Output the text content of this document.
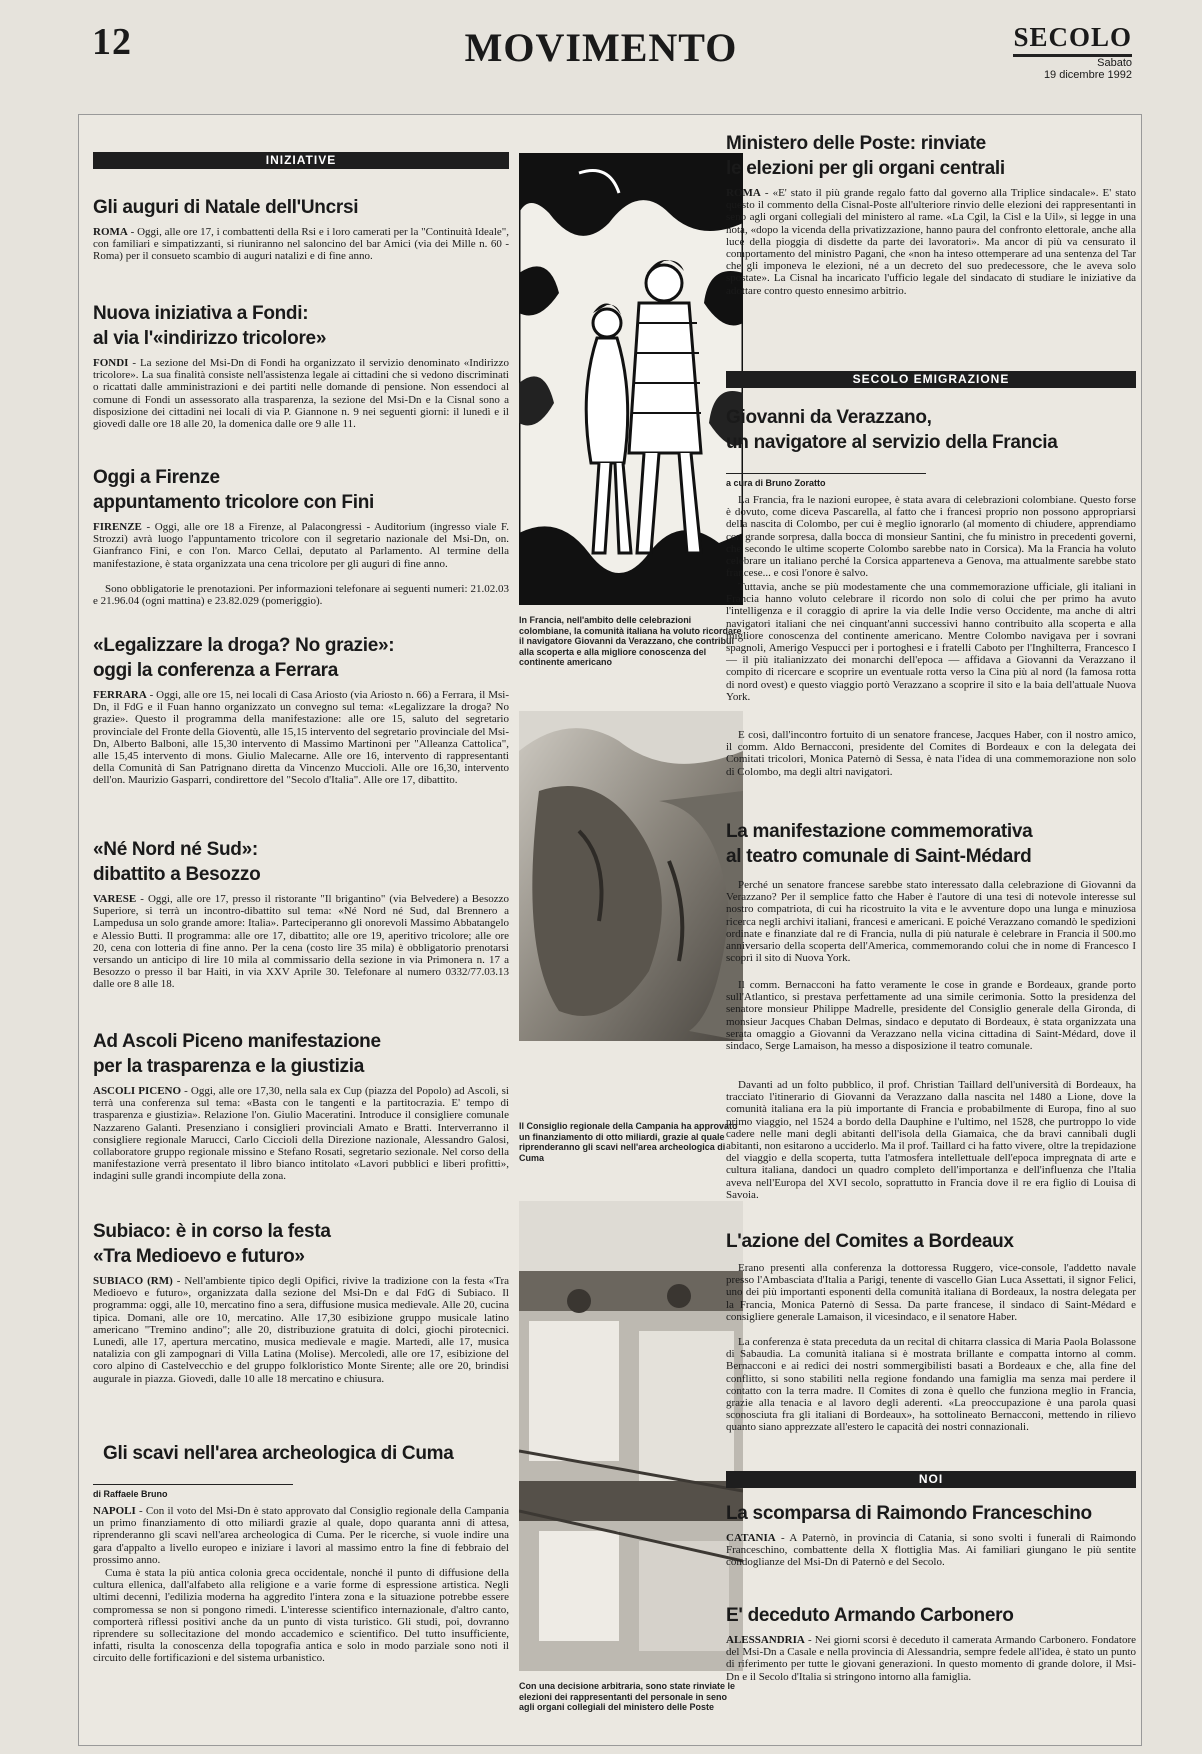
12	MOVIMENTO	SECOLO
Sabato
19 dicembre 1992
INIZIATIVE
Gli auguri di Natale dell'Uncrsi

ROMA - Oggi, alle ore 17, i combattenti della Rsi e i loro camerati per la "Continuità Ideale", con familiari e simpatizzanti, si riuniranno nel saloncino del bar Amici (via dei Mille n. 60 - Roma) per il consueto scambio di auguri natalizi e di fine anno.

Nuova iniziativa a Fondi:
al via l'«indirizzo tricolore»

FONDI - La sezione del Msi-Dn di Fondi ha organizzato il servizio denominato «Indirizzo tricolore». La sua finalità consiste nell'assistenza legale ai cittadini che si vedono discriminati o ricattati dalle amministrazioni e dei partiti nelle domande di pensione. Non essendoci al comune di Fondi un assessorato alla trasparenza, la sezione del Msi-Dn e la Cisnal sono a disposizione dei cittadini nei locali di via P. Giannone n. 9 nei seguenti giorni: il lunedì e il giovedì dalle ore 18 alle 20, la domenica dalle ore 9 alle 11.

Oggi a Firenze
appuntamento tricolore con Fini

FIRENZE - Oggi, alle ore 18 a Firenze, al Palacongressi - Auditorium (ingresso viale F. Strozzi) avrà luogo l'appuntamento tricolore con il segretario nazionale del Msi-Dn, on. Gianfranco Fini, e con l'on. Marco Cellai, deputato al Parlamento. Al termine della manifestazione, è stata organizzata una cena tricolore per gli auguri di fine anno.

Sono obbligatorie le prenotazioni. Per informazioni telefonare ai seguenti numeri: 21.02.03 e 21.96.04 (ogni mattina) e 23.82.029 (pomeriggio).

«Legalizzare la droga? No grazie»:
oggi la conferenza a Ferrara

FERRARA - Oggi, alle ore 15, nei locali di Casa Ariosto (via Ariosto n. 66) a Ferrara, il Msi-Dn, il FdG e il Fuan hanno organizzato un convegno sul tema: «Legalizzare la droga? No grazie». Questo il programma della manifestazione: alle ore 15, saluto del segretario provinciale del Fronte della Gioventù, alle 15,15 intervento del segretario provinciale del Msi-Dn, Alberto Balboni, alle 15,30 intervento di Massimo Martinoni per "Alleanza Cattolica", alle 15,45 intervento di mons. Giulio Malecarne. Alle ore 16, intervento di rappresentanti della Comunità di San Patrignano diretta da Vincenzo Muccioli. Alle ore 16,30, intervento dell'on. Maurizio Gasparri, condirettore del "Secolo d'Italia". Alle ore 17, dibattito.

«Né Nord né Sud»:
dibattito a Besozzo

VARESE - Oggi, alle ore 17, presso il ristorante "Il brigantino" (via Belvedere) a Besozzo Superiore, si terrà un incontro-dibattito sul tema: «Né Nord né Sud, dal Brennero a Lampedusa un solo grande amore: Italia». Parteciperanno gli onorevoli Massimo Abbatangelo e Alessio Butti. Il programma: alle ore 17, dibattito; alle ore 19, aperitivo tricolore; alle ore 20, cena con lotteria di fine anno. Per la cena (costo lire 35 mila) è obbligatorio prenotarsi versando un anticipo di lire 10 mila al commissario della sezione in via Primonera n. 17 a Besozzo o presso il bar Haiti, in via XXV Aprile 30. Telefonare al numero 0332/77.03.13 dalle ore 8 alle 18.

Ad Ascoli Piceno manifestazione
per la trasparenza e la giustizia

ASCOLI PICENO - Oggi, alle ore 17,30, nella sala ex Cup (piazza del Popolo) ad Ascoli, si terrà una conferenza sul tema: «Basta con le tangenti e la partitocrazia. E' tempo di trasparenza e giustizia». Relazione l'on. Giulio Maceratini. Introduce il consigliere comunale Nazzareno Galanti. Presenziano i consiglieri provinciali Amato e Bratti. Interverranno il consigliere regionale Marucci, Carlo Ciccioli della Direzione nazionale, Alessandro Galosi, collaboratore gruppo regionale missino e Stefano Rosati, segretario sezionale. Nel corso della manifestazione verrà presentato il libro bianco intitolato «Lavori pubblici e liberi profitti», indagini sulle grandi incompiute della zona.

Subiaco: è in corso la festa
«Tra Medioevo e futuro»

SUBIACO (RM) - Nell'ambiente tipico degli Opifici, rivive la tradizione con la festa «Tra Medioevo e futuro», organizzata dalla sezione del Msi-Dn e dal FdG di Subiaco. Il programma: oggi, alle 10, mercatino fino a sera, diffusione musica medievale. Alle 20, cucina tipica. Domani, alle ore 10, mercatino. Alle 17,30 esibizione gruppo musicale latino americano "Tremino andino"; alle 20, distribuzione gratuita di dolci, giochi pirotecnici. Lunedì, alle 17, apertura mercatino, musica medievale e magie. Martedì, alle 17, musica natalizia con gli zampognari di Villa Latina (Molise). Mercoledì, alle ore 17, esibizione del coro alpino di Castelvecchio e del gruppo folkloristico Monte Sirente; alle ore 20, brindisi augurale in piazza. Giovedì, dalle 10 alle 18 mercatino e chiusura.

Gli scavi nell'area archeologica di Cuma
di Raffaele Bruno

NAPOLI - Con il voto del Msi-Dn è stato approvato dal Consiglio regionale della Campania un primo finanziamento di otto miliardi grazie al quale, dopo quaranta anni di attesa, riprenderanno gli scavi nell'area archeologica di Cuma. Per le ricerche, si vuole indire una gara d'appalto a livello europeo e iniziare i lavori al massimo entro la fine di febbraio del prossimo anno.

Cuma è stata la più antica colonia greca occidentale, nonché il punto di diffusione della cultura ellenica, dall'alfabeto alla religione e a varie forme di espressione artistica. Negli ultimi decenni, l'edilizia moderna ha aggredito l'intera zona e la situazione potrebbe essere compromessa se non si pongono rimedi. L'interesse scientifico internazionale, d'altro canto, comporterà riflessi positivi anche da un punto di vista turistico. Gli studi, poi, dovranno riprendere su sollecitazione del mondo accademico e scientifico. Del tutto insufficiente, infatti, risulta la conoscenza della topografia antica e solo in modo parziale sono noti il circuito delle fortificazioni e del sistema urbanistico.

In Francia, nell'ambito delle celebrazioni colombiane, la comunità italiana ha voluto ricordare il navigatore Giovanni da Verazzano, che contribuì alla scoperta e alla migliore conoscenza del continente americano
Il Consiglio regionale della Campania ha approvato un finanziamento di otto miliardi, grazie al quale riprenderanno gli scavi nell'area archeologica di Cuma
Con una decisione arbitraria, sono state rinviate le elezioni dei rappresentanti del personale in seno agli organi collegiali del ministero delle Poste
Ministero delle Poste: rinviate
le elezioni per gli organi centrali

ROMA - «E' stato il più grande regalo fatto dal governo alla Triplice sindacale». E' stato questo il commento della Cisnal-Poste all'ulteriore rinvio delle elezioni dei rappresentanti in seno agli organi collegiali del ministero al rame. «La Cgil, la Cisl e la Uil», si legge in una nota, «dopo la vicenda della privatizzazione, hanno paura del confronto elettorale, anche alla luce della pioggia di disdette da parte dei lavoratori». Ma ancor di più va censurato il comportamento del ministro Pagani, che «non ha inteso ottemperare ad una sentenza del Tar che gli imponeva le elezioni, né a un decreto del suo predecessore, che le aveva solo spostate». La Cisnal ha incaricato l'ufficio legale del sindacato di studiare le iniziative da adottare contro questo ennesimo arbitrio.

SECOLO EMIGRAZIONE
Giovanni da Verazzano,
un navigatore al servizio della Francia
a cura di Bruno Zoratto

La Francia, fra le nazioni europee, è stata avara di celebrazioni colombiane. Questo forse è dovuto, come diceva Pascarella, al fatto che i francesi proprio non possono appropriarsi della nascita di Colombo, per cui è meglio ignorarlo (al momento di chiudere, apprendiamo con grande sorpresa, dalla bocca di monsieur Santini, che fu ministro in precedenti governi, che secondo le ultime scoperte Colombo sarebbe nato in Corsica). Ma la Francia ha voluto celebrare un italiano perché la Corsica apparteneva a Genova, ma attualmente sarebbe stato francese... e così l'onore è salvo.

Tuttavia, anche se più modestamente che una commemorazione ufficiale, gli italiani in Francia hanno voluto celebrare il ricordo non solo di colui che per primo ha avuto l'intelligenza e il coraggio di aprire la via delle Indie verso Occidente, ma anche di altri navigatori italiani che nei cinquant'anni successivi hanno contribuito alla scoperta e alla migliore conoscenza del continente americano. Mentre Colombo navigava per i sovrani spagnoli, Amerigo Vespucci per i portoghesi e i fratelli Caboto per l'Inghilterra, Francesco I — il più italianizzato dei monarchi dell'epoca — affidava a Giovanni da Verazzano il compito di ricercare e scoprire un eventuale rotta verso la Cina più al nord (la famosa rotta di nord ovest) e questo viaggio portò Verazzano a scoprire il sito e la baia dell'attuale Nuova York.

E così, dall'incontro fortuito di un senatore francese, Jacques Haber, con il nostro amico, il comm. Aldo Bernacconi, presidente del Comites di Bordeaux e con la delegata dei Comitati tricolori, Monica Paternò di Sessa, è nata l'idea di una commemorazione non solo di Colombo, ma degli altri navigatori.

La manifestazione commemorativa
al teatro comunale di Saint-Médard

Perché un senatore francese sarebbe stato interessato dalla celebrazione di Giovanni da Verazzano? Per il semplice fatto che Haber è l'autore di una tesi di notevole interesse sul nostro compatriota, di cui ha ricostruito la vita e le avventure dopo una lunga e minuziosa ricerca negli archivi italiani, francesi e americani. E poiché Verazzano comandò le spedizioni ordinate e finanziate dal re di Francia, nulla di più naturale è celebrare in Francia il 500.mo anniversario della scoperta dell'America, commemorando colui che in nome di Francesco I scoprì il sito di Nuova York.

Il comm. Bernacconi ha fatto veramente le cose in grande e Bordeaux, grande porto sull'Atlantico, si prestava perfettamente ad una simile cerimonia. Sotto la presidenza del senatore monsieur Philippe Madrelle, presidente del Consiglio generale della Gironda, di monsieur Jacques Chaban Delmas, sindaco e deputato di Bordeaux, è stata organizzata una serata omaggio a Giovanni da Verazzano nella vicina cittadina di Saint-Médard, dove il sindaco, Serge Lamaison, ha messo a disposizione il teatro comunale.

Davanti ad un folto pubblico, il prof. Christian Taillard dell'università di Bordeaux, ha tracciato l'itinerario di Giovanni da Verazzano dalla nascita nel 1480 a Lione, dove la comunità italiana era la più importante di Francia e probabilmente di Europa, fino al suo primo viaggio, nel 1524 a bordo della Dauphine e l'ultimo, nel 1528, che purtroppo lo vide cadere nelle mani degli abitanti dell'isola della Giamaica, che da bravi cannibali dugli abitanti, non esitarono a ucciderlo. Ma il prof. Taillard ci ha fatto vivere, oltre la trepidazione del viaggio e della scoperta, tutta l'atmosfera intellettuale dell'epoca impregnata di arte e cultura italiana, dandoci un quadro completo dell'importanza e dell'influenza che l'Italia aveva nell'Europa del XVI secolo, soprattutto in Francia dove il re era figlio di Louisa di Savoia.

L'azione del Comites a Bordeaux

Erano presenti alla conferenza la dottoressa Ruggero, vice-console, l'addetto navale presso l'Ambasciata d'Italia a Parigi, tenente di vascello Gian Luca Assettati, il signor Felici, uno dei più importanti esponenti della comunità italiana di Bordeaux, la nostra delegata per la Francia, Monica Paternò di Sessa. Da parte francese, il sindaco di Saint-Médard e consigliere generale Lamaison, il vicesindaco, e il senatore Haber.

La conferenza è stata preceduta da un recital di chitarra classica di Maria Paola Bolassone di Sabaudia. La comunità italiana si è mostrata brillante e compatta intorno al comm. Bernacconi e ai redici dei nostri sommergibilisti basati a Bordeaux e che, alla fine del conflitto, si sono stabiliti nella regione fondando una famiglia ma senza mai perdere il contatto con la terra madre. Il Comites di zona è quello che funziona meglio in Francia, grazie alla tenacia e al lavoro degli aderenti. «La preoccupazione è una parola quasi sconosciuta fra gli italiani di Bordeaux», ha sottolineato Bernacconi, mettendo in rilievo quanto siano apprezzate all'estero le capacità dei nostri connazionali.

NOI
La scomparsa di Raimondo Franceschino

CATANIA - A Paternò, in provincia di Catania, si sono svolti i funerali di Raimondo Franceschino, combattente della X flottiglia Mas. Ai familiari giungano le più sentite condoglianze del Msi-Dn di Paternò e del Secolo.

E' deceduto Armando Carbonero

ALESSANDRIA - Nei giorni scorsi è deceduto il camerata Armando Carbonero. Fondatore del Msi-Dn a Casale e nella provincia di Alessandria, sempre fedele all'idea, è stato un punto di riferimento per tutte le giovani generazioni. In questo momento di grande dolore, il Msi-Dn e il Secolo d'Italia si stringono intorno alla famiglia.
